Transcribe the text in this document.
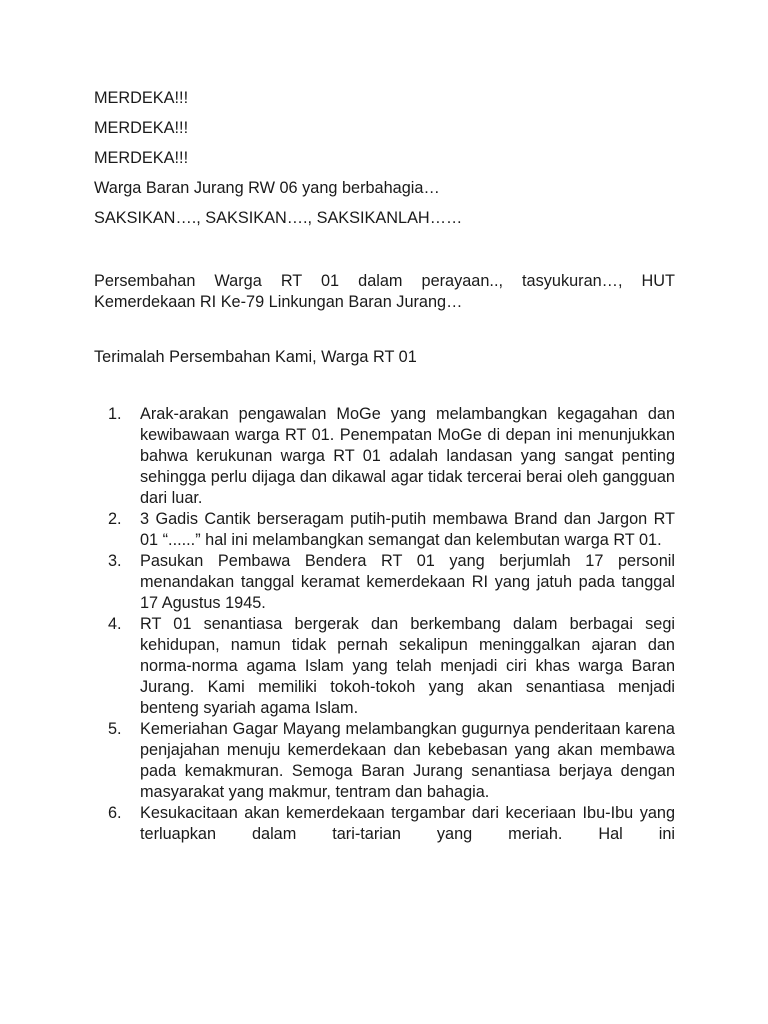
MERDEKA!!!

MERDEKA!!!

MERDEKA!!!

Warga Baran Jurang RW 06 yang berbahagia…

SAKSIKAN…., SAKSIKAN…., SAKSIKANLAH……

Persembahan Warga RT 01 dalam perayaan.., tasyukuran…, HUT Kemerdekaan RI Ke-79 Linkungan Baran Jurang…

Terimalah Persembahan Kami, Warga RT 01

1.	Arak-arakan pengawalan MoGe yang melambangkan kegagahan dan kewibawaan warga RT 01. Penempatan MoGe di depan ini menunjukkan bahwa kerukunan warga RT 01 adalah landasan yang sangat penting sehingga perlu dijaga dan dikawal agar tidak tercerai berai oleh gangguan dari luar.
2.	3 Gadis Cantik berseragam putih-putih membawa Brand dan Jargon RT 01 “......” hal ini melambangkan semangat dan kelembutan warga RT 01.
3.	Pasukan Pembawa Bendera RT 01 yang berjumlah 17 personil menandakan tanggal keramat kemerdekaan RI yang jatuh pada tanggal 17 Agustus 1945.
4.	RT 01 senantiasa bergerak dan berkembang dalam berbagai segi kehidupan, namun tidak pernah sekalipun meninggalkan ajaran dan norma-norma agama Islam yang telah menjadi ciri khas warga Baran Jurang. Kami memiliki tokoh-tokoh yang akan senantiasa menjadi benteng syariah agama Islam.
5.	Kemeriahan Gagar Mayang melambangkan gugurnya penderitaan karena penjajahan menuju kemerdekaan dan kebebasan yang akan membawa pada kemakmuran. Semoga Baran Jurang senantiasa berjaya dengan masyarakat yang makmur, tentram dan bahagia.
6.	Kesukacitaan akan kemerdekaan tergambar dari keceriaan Ibu-Ibu yang terluapkan dalam tari-tarian yang meriah. Hal ini
